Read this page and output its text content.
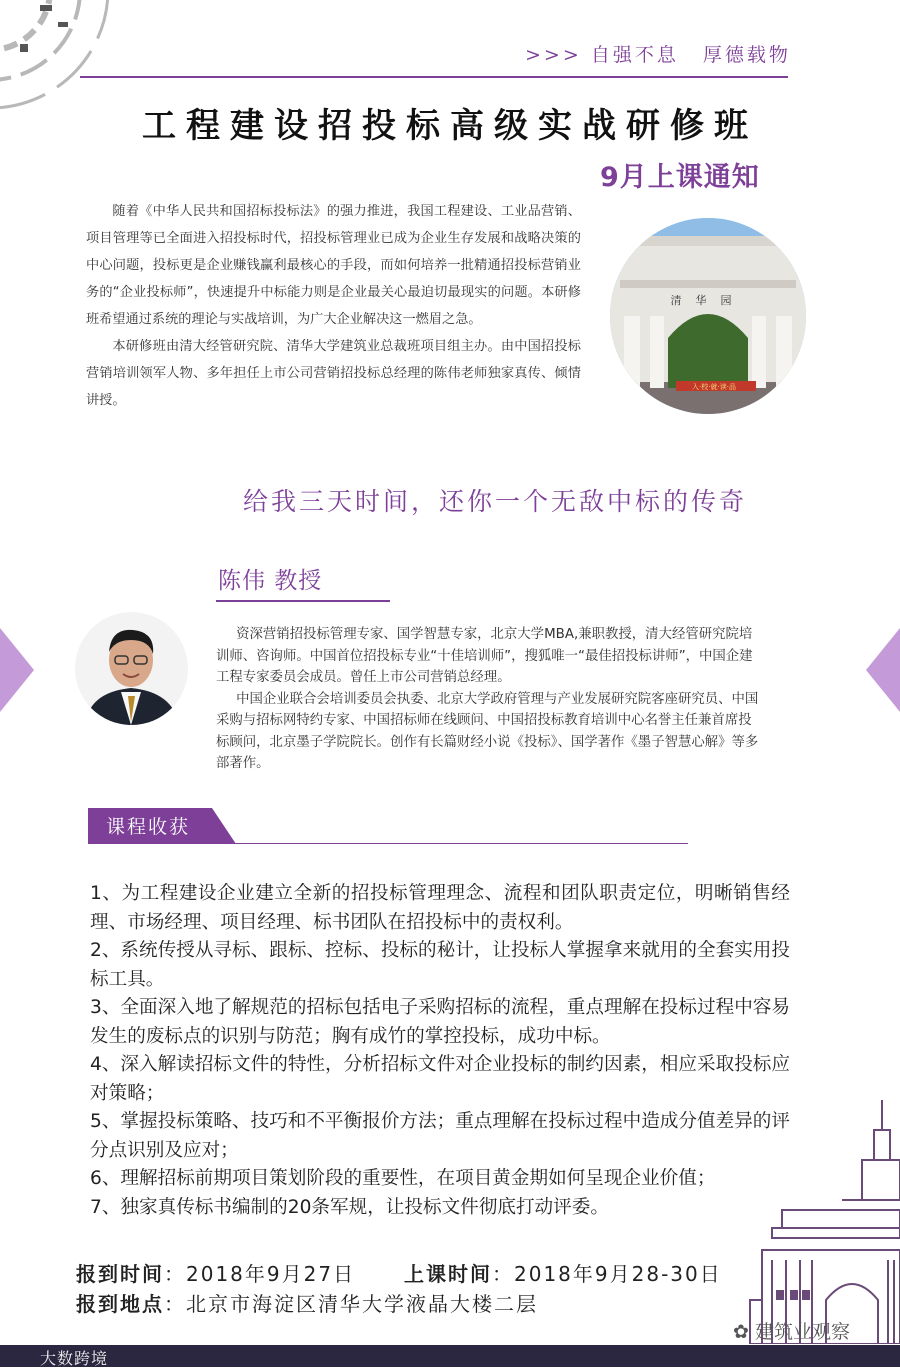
>>> 自强不息 厚德载物
工程建设招投标高级实战研修班
9月上课通知

随着《中华人民共和国招标投标法》的强力推进，我国工程建设、工业品营销、项目管理等已全面进入招投标时代，招投标管理业已成为企业生存发展和战略决策的中心问题，投标更是企业赚钱赢利最核心的手段，而如何培养一批精通招投标营销业务的“企业投标师”，快速提升中标能力则是企业最关心最迫切最现实的问题。本研修班希望通过系统的理论与实战培训，为广大企业解决这一燃眉之急。

本研修班由清大经管研究院、清华大学建筑业总裁班项目组主办。由中国招投标营销培训领军人物、多年担任上市公司营销招投标总经理的陈伟老师独家真传、倾情讲授。

清华园
入·校·就·读·品
给我三天时间，还你一个无敌中标的传奇
陈伟 教授

资深营销招投标管理专家、国学智慧专家，北京大学MBA,兼职教授，清大经管研究院培训师、咨询师。中国首位招投标专业“十佳培训师”，搜狐唯一“最佳招投标讲师”，中国企建工程专家委员会成员。曾任上市公司营销总经理。

中国企业联合会培训委员会执委、北京大学政府管理与产业发展研究院客座研究员、中国采购与招标网特约专家、中国招标师在线顾问、中国招投标教育培训中心名誉主任兼首席投标顾问，北京墨子学院院长。创作有长篇财经小说《投标》、国学著作《墨子智慧心解》等多部著作。

课程收获

1、为工程建设企业建立全新的招投标管理理念、流程和团队职责定位，明晰销售经理、市场经理、项目经理、标书团队在招投标中的责权利。

2、系统传授从寻标、跟标、控标、投标的秘计，让投标人掌握拿来就用的全套实用投标工具。

3、全面深入地了解规范的招标包括电子采购招标的流程，重点理解在投标过程中容易发生的废标点的识别与防范；胸有成竹的掌控投标，成功中标。

4、深入解读招标文件的特性，分析招标文件对企业投标的制约因素，相应采取投标应对策略；

5、掌握投标策略、技巧和不平衡报价方法；重点理解在投标过程中造成分值差异的评分点识别及应对；

6、理解招标前期项目策划阶段的重要性，在项目黄金期如何呈现企业价值；

7、独家真传标书编制的20条军规，让投标文件彻底打动评委。

报到时间：2018年9月27日 上课时间：2018年9月28-30日
报到地点：北京市海淀区清华大学液晶大楼二层
✿ 建筑业观察
大数跨境
